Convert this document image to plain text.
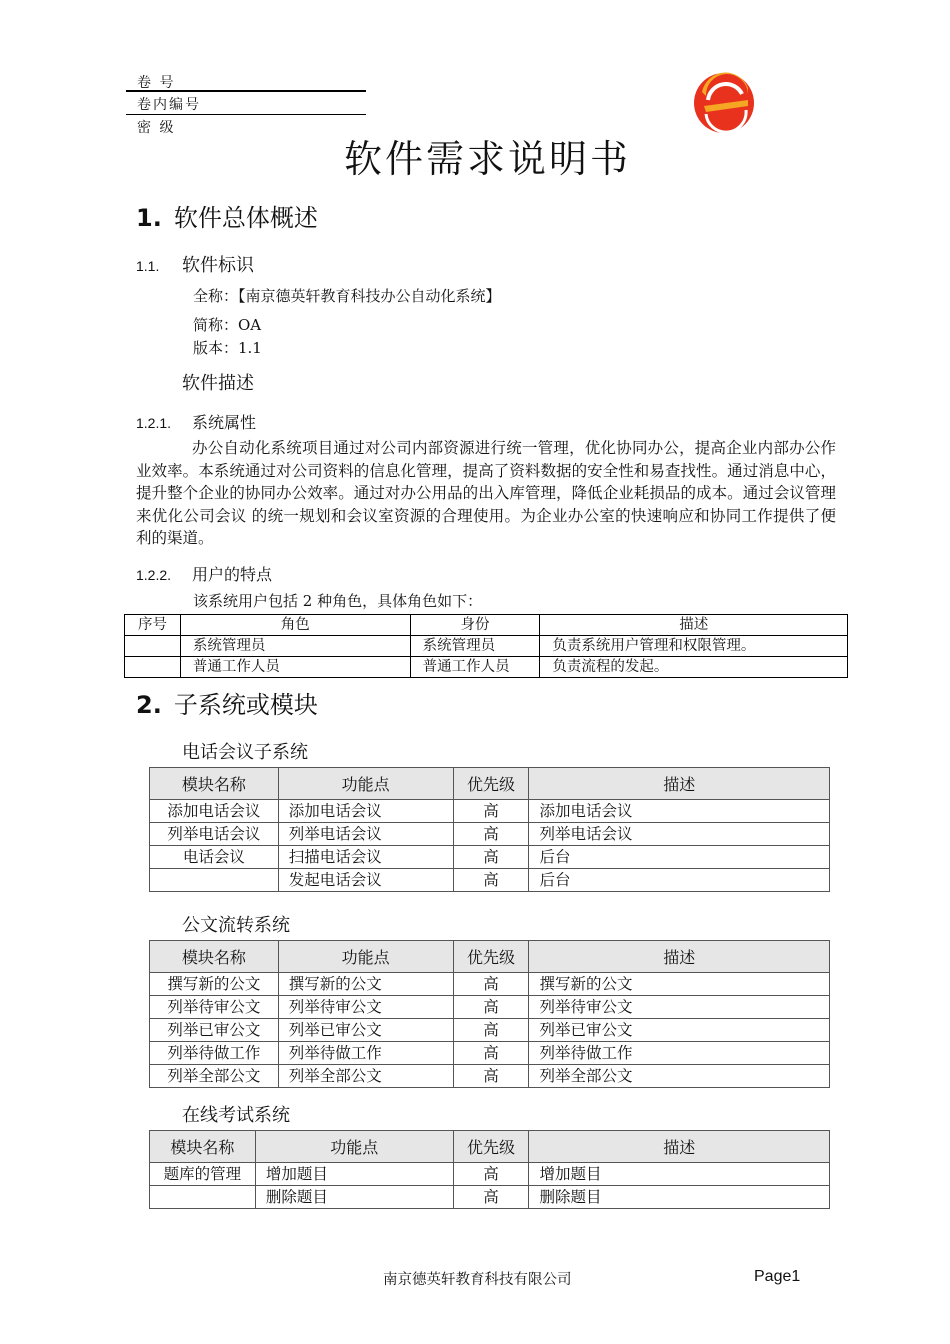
卷 号
卷内编号
密 级
软件需求说明书
1. 软件总体概述
1.1. 软件标识
全称：【南京德英轩教育科技办公自动化系统】
简称：OA
版本：1.1
软件描述
1.2.1. 系统属性
办公自动化系统项目通过对公司内部资源进行统一管理，优化协同办公，提高企业内部办公作业效率。本系统通过对公司资料的信息化管理，提高了资料数据的安全性和易查找性。通过消息中心，提升整个企业的协同办公效率。通过对办公用品的出入库管理，降低企业耗损品的成本。通过会议管理来优化公司会议 的统一规划和会议室资源的合理使用。为企业办公室的快速响应和协同工作提供了便利的渠道。
1.2.2. 用户的特点
该系统用户包括 2 种角色，具体角色如下：
序号	角色	身份	描述
	系统管理员	系统管理员	负责系统用户管理和权限管理。
	普通工作人员	普通工作人员	负责流程的发起。
2. 子系统或模块
电话会议子系统
模块名称	功能点	优先级	描述
添加电话会议	添加电话会议	高	添加电话会议
列举电话会议	列举电话会议	高	列举电话会议
电话会议	扫描电话会议	高	后台
	发起电话会议	高	后台
公文流转系统
模块名称	功能点	优先级	描述
撰写新的公文	撰写新的公文	高	撰写新的公文
列举待审公文	列举待审公文	高	列举待审公文
列举已审公文	列举已审公文	高	列举已审公文
列举待做工作	列举待做工作	高	列举待做工作
列举全部公文	列举全部公文	高	列举全部公文
在线考试系统
模块名称	功能点	优先级	描述
题库的管理	增加题目	高	增加题目
	删除题目	高	删除题目
南京德英轩教育科技有限公司	Page1
